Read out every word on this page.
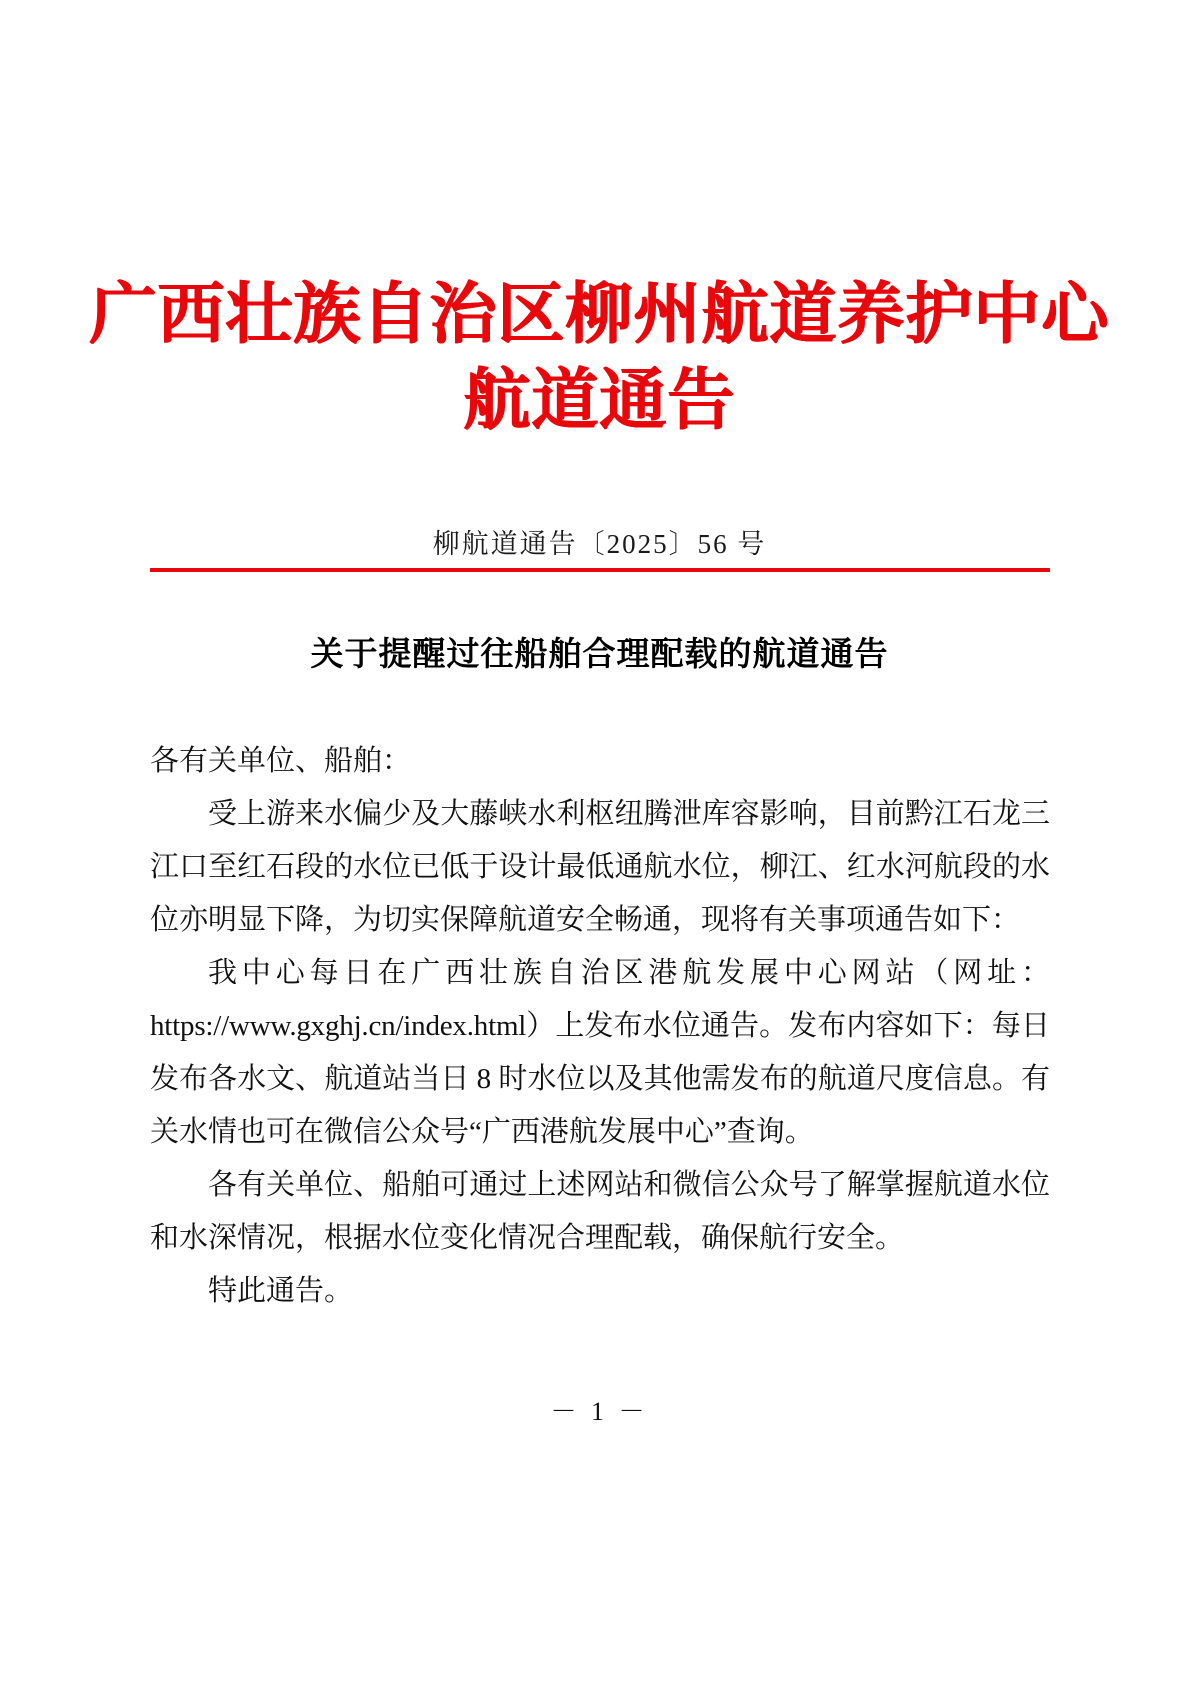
广西壮族自治区柳州航道养护中心
航道通告
柳航道通告〔2025〕56 号
关于提醒过往船舶合理配载的航道通告

各有关单位、船舶：

受上游来水偏少及大藤峡水利枢纽腾泄库容影响，目前黔江石龙三江口至红石段的水位已低于设计最低通航水位，柳江、红水河航段的水位亦明显下降，为切实保障航道安全畅通，现将有关事项通告如下：

我中心每日在广西壮族自治区港航发展中心网站（网址：https://www.gxghj.cn/index.html）上发布水位通告。发布内容如下：每日发布各水文、航道站当日 8 时水位以及其他需发布的航道尺度信息。有关水情也可在微信公众号“广西港航发展中心”查询。

各有关单位、船舶可通过上述网站和微信公众号了解掌握航道水位和水深情况，根据水位变化情况合理配载，确保航行安全。

特此通告。

－ 1 －
